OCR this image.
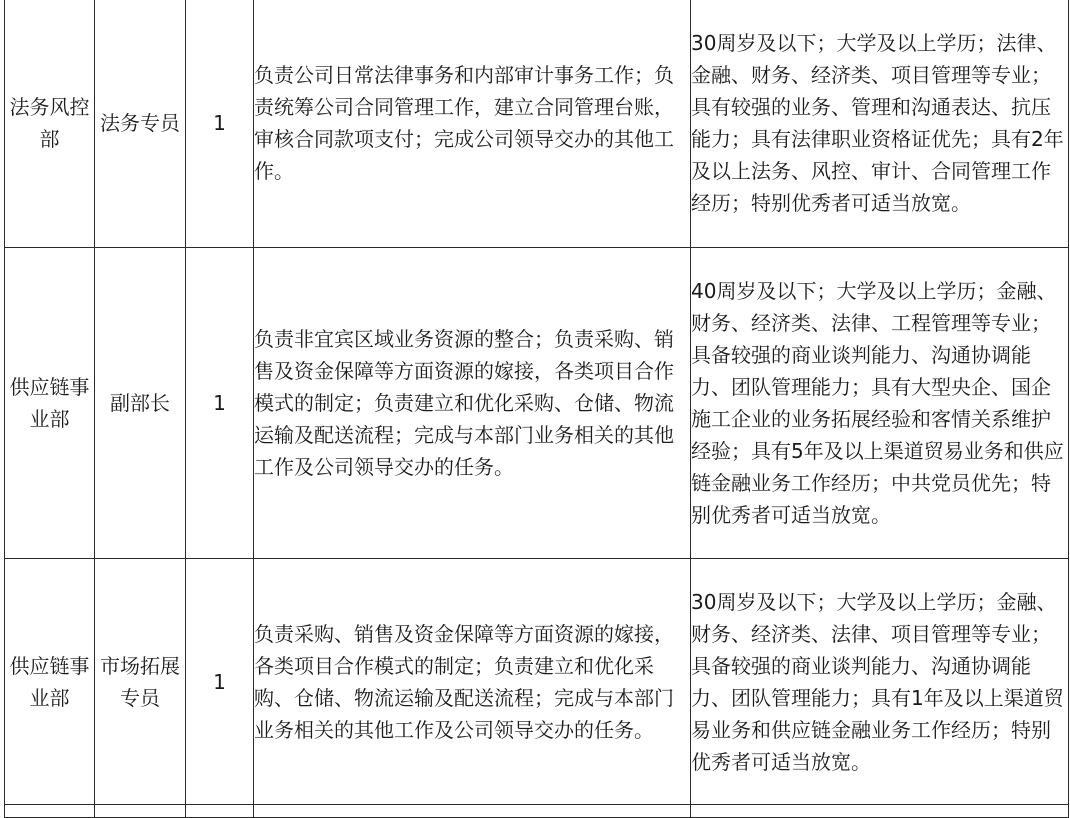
法务风控部	法务专员	1	负责公司日常法律事务和内部审计事务工作；负责统筹公司合同管理工作，建立合同管理台账，审核合同款项支付；完成公司领导交办的其他工作。	30周岁及以下；大学及以上学历；法律、金融、财务、经济类、项目管理等专业；具有较强的业务、管理和沟通表达、抗压能力；具有法律职业资格证优先；具有2年及以上法务、风控、审计、合同管理工作经历；特别优秀者可适当放宽。
供应链事业部	副部长	1	负责非宜宾区域业务资源的整合；负责采购、销售及资金保障等方面资源的嫁接，各类项目合作模式的制定；负责建立和优化采购、仓储、物流运输及配送流程；完成与本部门业务相关的其他工作及公司领导交办的任务。	40周岁及以下；大学及以上学历；金融、财务、经济类、法律、工程管理等专业；具备较强的商业谈判能力、沟通协调能力、团队管理能力；具有大型央企、国企施工企业的业务拓展经验和客情关系维护经验；具有5年及以上渠道贸易业务和供应链金融业务工作经历；中共党员优先；特别优秀者可适当放宽。
供应链事业部	市场拓展专员	1	负责采购、销售及资金保障等方面资源的嫁接，各类项目合作模式的制定；负责建立和优化采购、仓储、物流运输及配送流程；完成与本部门业务相关的其他工作及公司领导交办的任务。	30周岁及以下；大学及以上学历；金融、财务、经济类、法律、项目管理等专业；具备较强的商业谈判能力、沟通协调能力、团队管理能力；具有1年及以上渠道贸易业务和供应链金融业务工作经历；特别优秀者可适当放宽。
